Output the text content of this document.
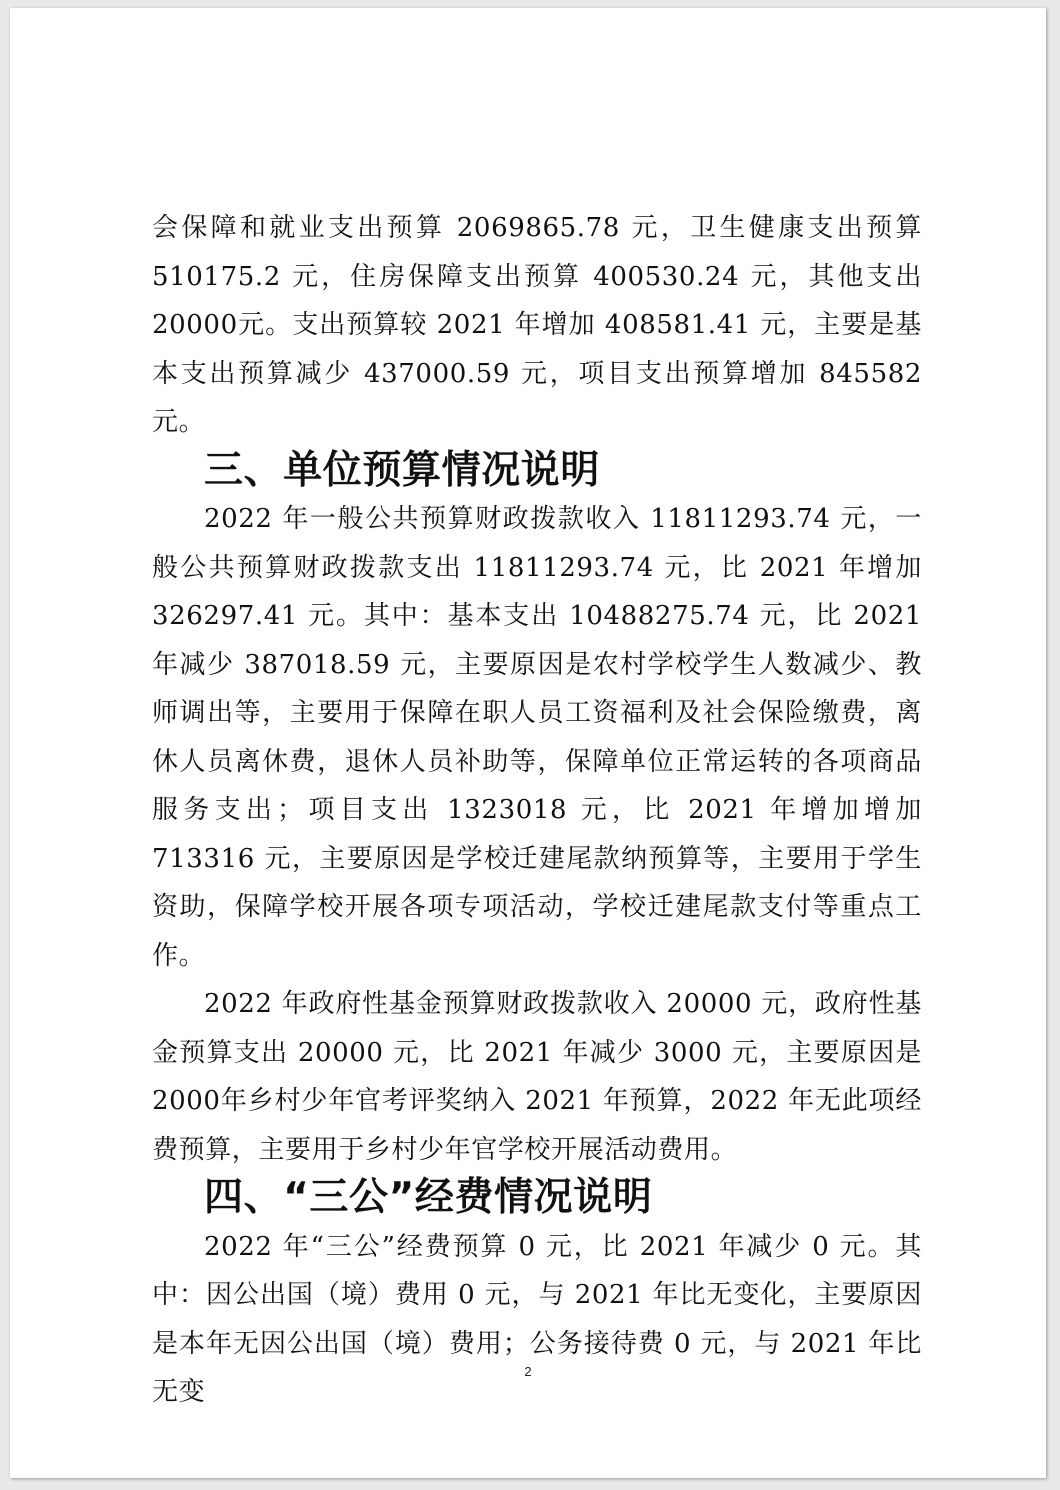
会保障和就业支出预算 2069865.78 元，卫生健康支出预算510175.2 元，住房保障支出预算 400530.24 元，其他支出 20000元。支出预算较 2021 年增加 408581.41 元，主要是基本支出预算减少 437000.59 元，项目支出预算增加 845582 元。

三、单位预算情况说明

2022 年一般公共预算财政拨款收入 11811293.74 元，一般公共预算财政拨款支出 11811293.74 元，比 2021 年增加326297.41 元。其中：基本支出 10488275.74 元，比 2021 年减少 387018.59 元，主要原因是农村学校学生人数减少、教师调出等，主要用于保障在职人员工资福利及社会保险缴费，离休人员离休费，退休人员补助等，保障单位正常运转的各项商品服务支出；项目支出 1323018 元，比 2021 年增加增加 713316 元，主要原因是学校迁建尾款纳预算等，主要用于学生资助，保障学校开展各项专项活动，学校迁建尾款支付等重点工作。

2022 年政府性基金预算财政拨款收入 20000 元，政府性基金预算支出 20000 元，比 2021 年减少 3000 元，主要原因是 2000年乡村少年官考评奖纳入 2021 年预算，2022 年无此项经费预算，主要用于乡村少年官学校开展活动费用。

四、“三公”经费情况说明

2022 年“三公”经费预算 0 元，比 2021 年减少 0 元。其中：因公出国（境）费用 0 元，与 2021 年比无变化，主要原因是本年无因公出国（境）费用；公务接待费 0 元，与 2021 年比无变

2
